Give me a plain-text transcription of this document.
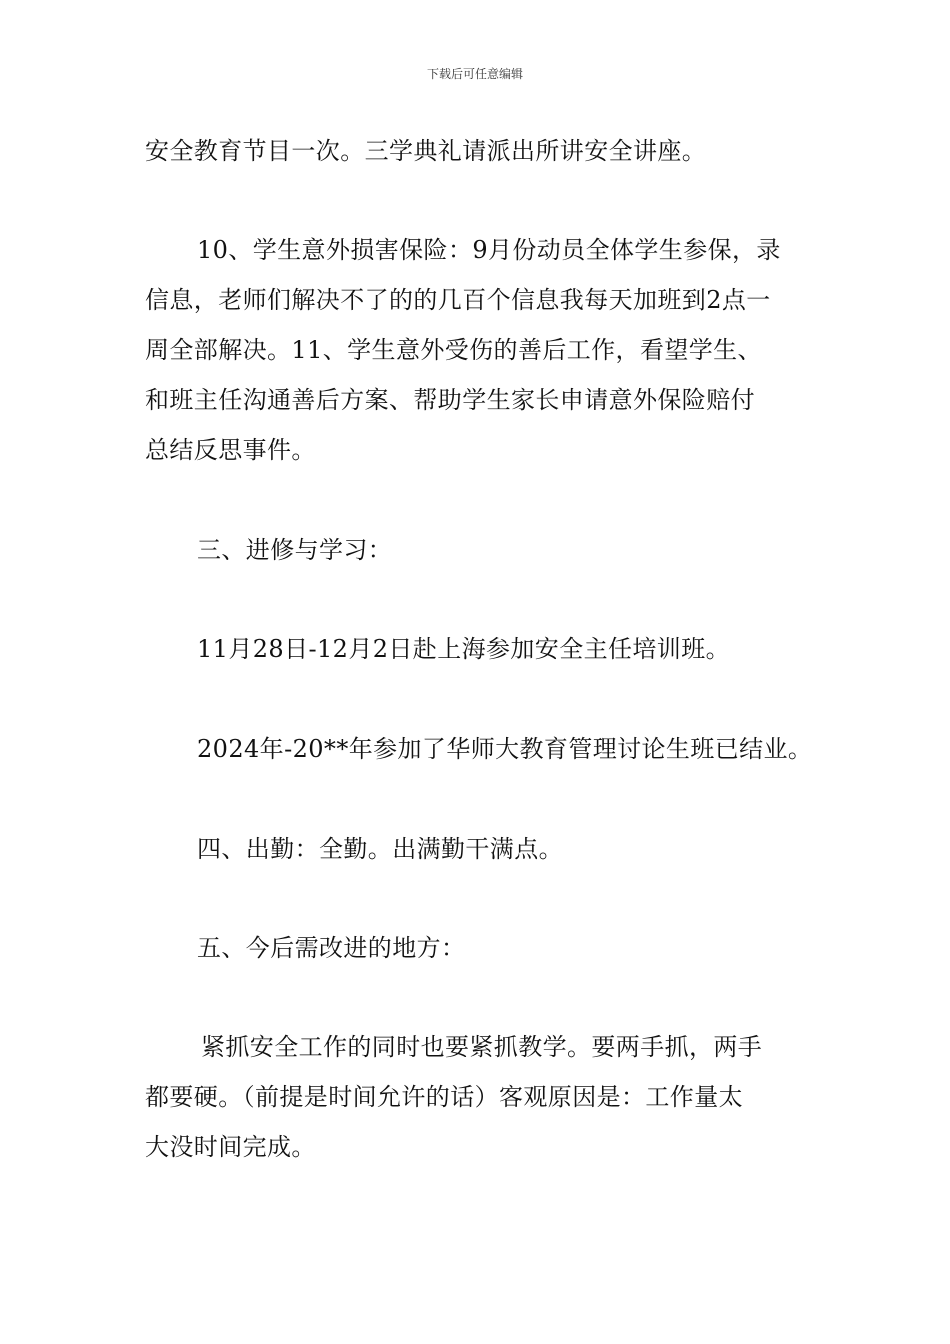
下载后可任意编辑
安全教育节目一次。三学典礼请派出所讲安全讲座。
10、学生意外损害保险：9月份动员全体学生参保，录
信息，老师们解决不了的的几百个信息我每天加班到2点一
周全部解决。11、学生意外受伤的善后工作，看望学生、
和班主任沟通善后方案、帮助学生家长申请意外保险赔付
总结反思事件。
三、进修与学习：
11月28日-12月2日赴上海参加安全主任培训班。
2024年-20**年参加了华师大教育管理讨论生班已结业。
四、出勤：全勤。出满勤干满点。
五、今后需改进的地方：
紧抓安全工作的同时也要紧抓教学。要两手抓，两手
都要硬。（前提是时间允许的话）客观原因是：工作量太
大没时间完成。
